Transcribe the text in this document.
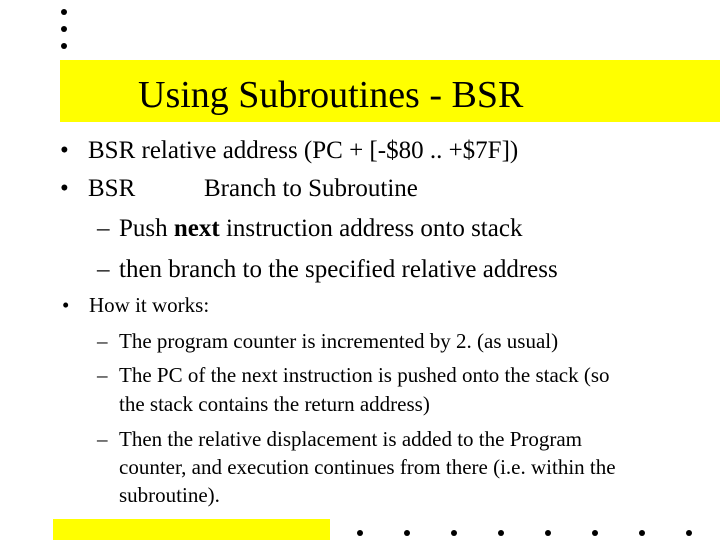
Using Subroutines - BSR
• BSR relative address (PC + [-$80 .. +$7F])
• BSR	Branch to Subroutine
– Push next instruction address onto stack
– then branch to the specified relative address
• How it works:
– The program counter is incremented by 2. (as usual)
– The PC of the next instruction is pushed onto the stack (so
the stack contains the return address)
– Then the relative displacement is added to the Program
counter, and execution continues from there (i.e. within the
subroutine).
